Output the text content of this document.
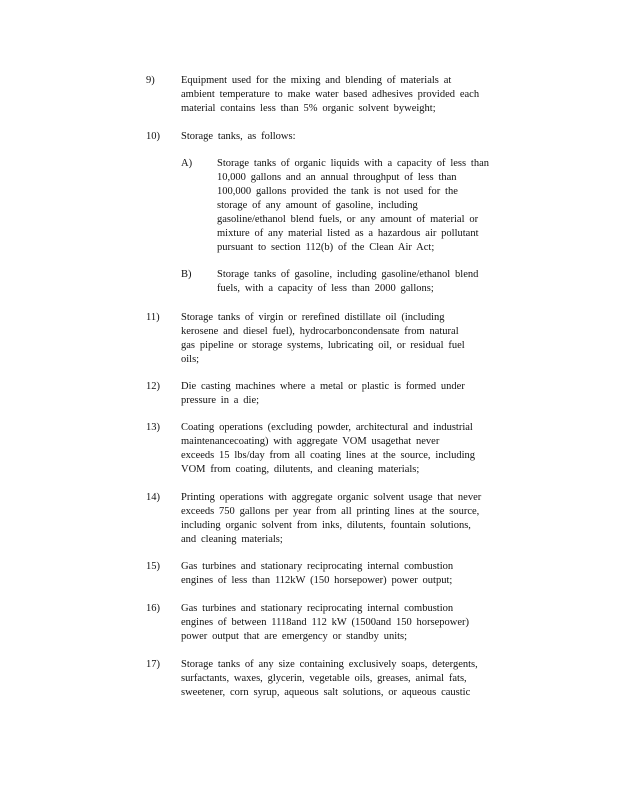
9)	Equipment used for the mixing and blending of materials at
ambient temperature to make water based adhesives provided each
material contains less than 5% organic solvent byweight;
10)	Storage tanks, as follows:
A)	Storage tanks of organic liquids with a capacity of less than
10,000 gallons and an annual throughput of less than
100,000 gallons provided the tank is not used for the
storage of any amount of gasoline, including
gasoline/ethanol blend fuels, or any amount of material or
mixture of any material listed as a hazardous air pollutant
pursuant to section 112(b) of the Clean Air Act;
B)	Storage tanks of gasoline, including gasoline/ethanol blend
fuels, with a capacity of less than 2000 gallons;
11)	Storage tanks of virgin or rerefined distillate oil (including
kerosene and diesel fuel), hydrocarboncondensate from natural
gas pipeline or storage systems, lubricating oil, or residual fuel
oils;
12)	Die casting machines where a metal or plastic is formed under
pressure in a die;
13)	Coating operations (excluding powder, architectural and industrial
maintenancecoating) with aggregate VOM usagethat never
exceeds 15 lbs/day from all coating lines at the source, including
VOM from coating, dilutents, and cleaning materials;
14)	Printing operations with aggregate organic solvent usage that never
exceeds 750 gallons per year from all printing lines at the source,
including organic solvent from inks, dilutents, fountain solutions,
and cleaning materials;
15)	Gas turbines and stationary reciprocating internal combustion
engines of less than 112kW (150 horsepower) power output;
16)	Gas turbines and stationary reciprocating internal combustion
engines of between 1118and 112 kW (1500and 150 horsepower)
power output that are emergency or standby units;
17)	Storage tanks of any size containing exclusively soaps, detergents,
surfactants, waxes, glycerin, vegetable oils, greases, animal fats,
sweetener, corn syrup, aqueous salt solutions, or aqueous caustic
